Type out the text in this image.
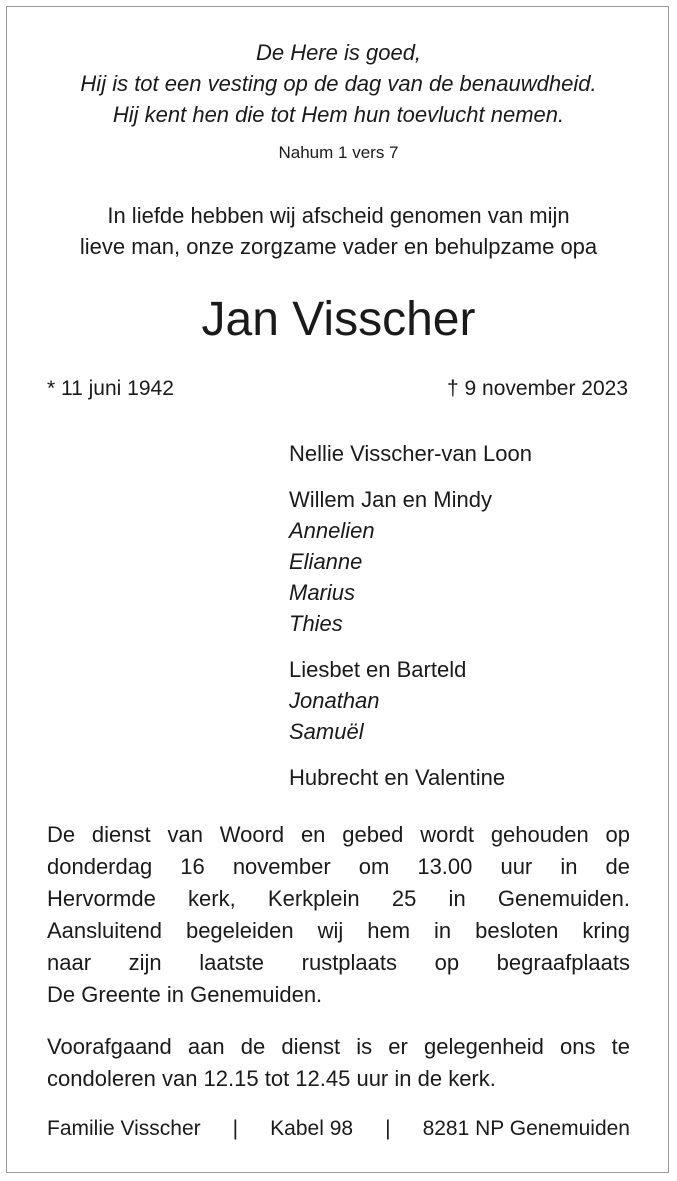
De Here is goed,
Hij is tot een vesting op de dag van de benauwdheid.
Hij kent hen die tot Hem hun toevlucht nemen.
Nahum 1 vers 7
In liefde hebben wij afscheid genomen van mijn
lieve man, onze zorgzame vader en behulpzame opa
Jan Visscher
* 11 juni 1942	† 9 november 2023
Nellie Visscher-van Loon
Willem Jan en Mindy
Annelien
Elianne
Marius
Thies
Liesbet en Barteld
Jonathan
Samuël
Hubrecht en Valentine
De dienst van Woord en gebed wordt gehouden op
donderdag 16 november om 13.00 uur in de
Hervormde kerk, Kerkplein 25 in Genemuiden.
Aansluitend begeleiden wij hem in besloten kring
naar zijn laatste rustplaats op begraafplaats
De Greente in Genemuiden.
Voorafgaand aan de dienst is er gelegenheid ons te
condoleren van 12.15 tot 12.45 uur in de kerk.
Familie Visscher | Kabel 98 | 8281 NP Genemuiden
